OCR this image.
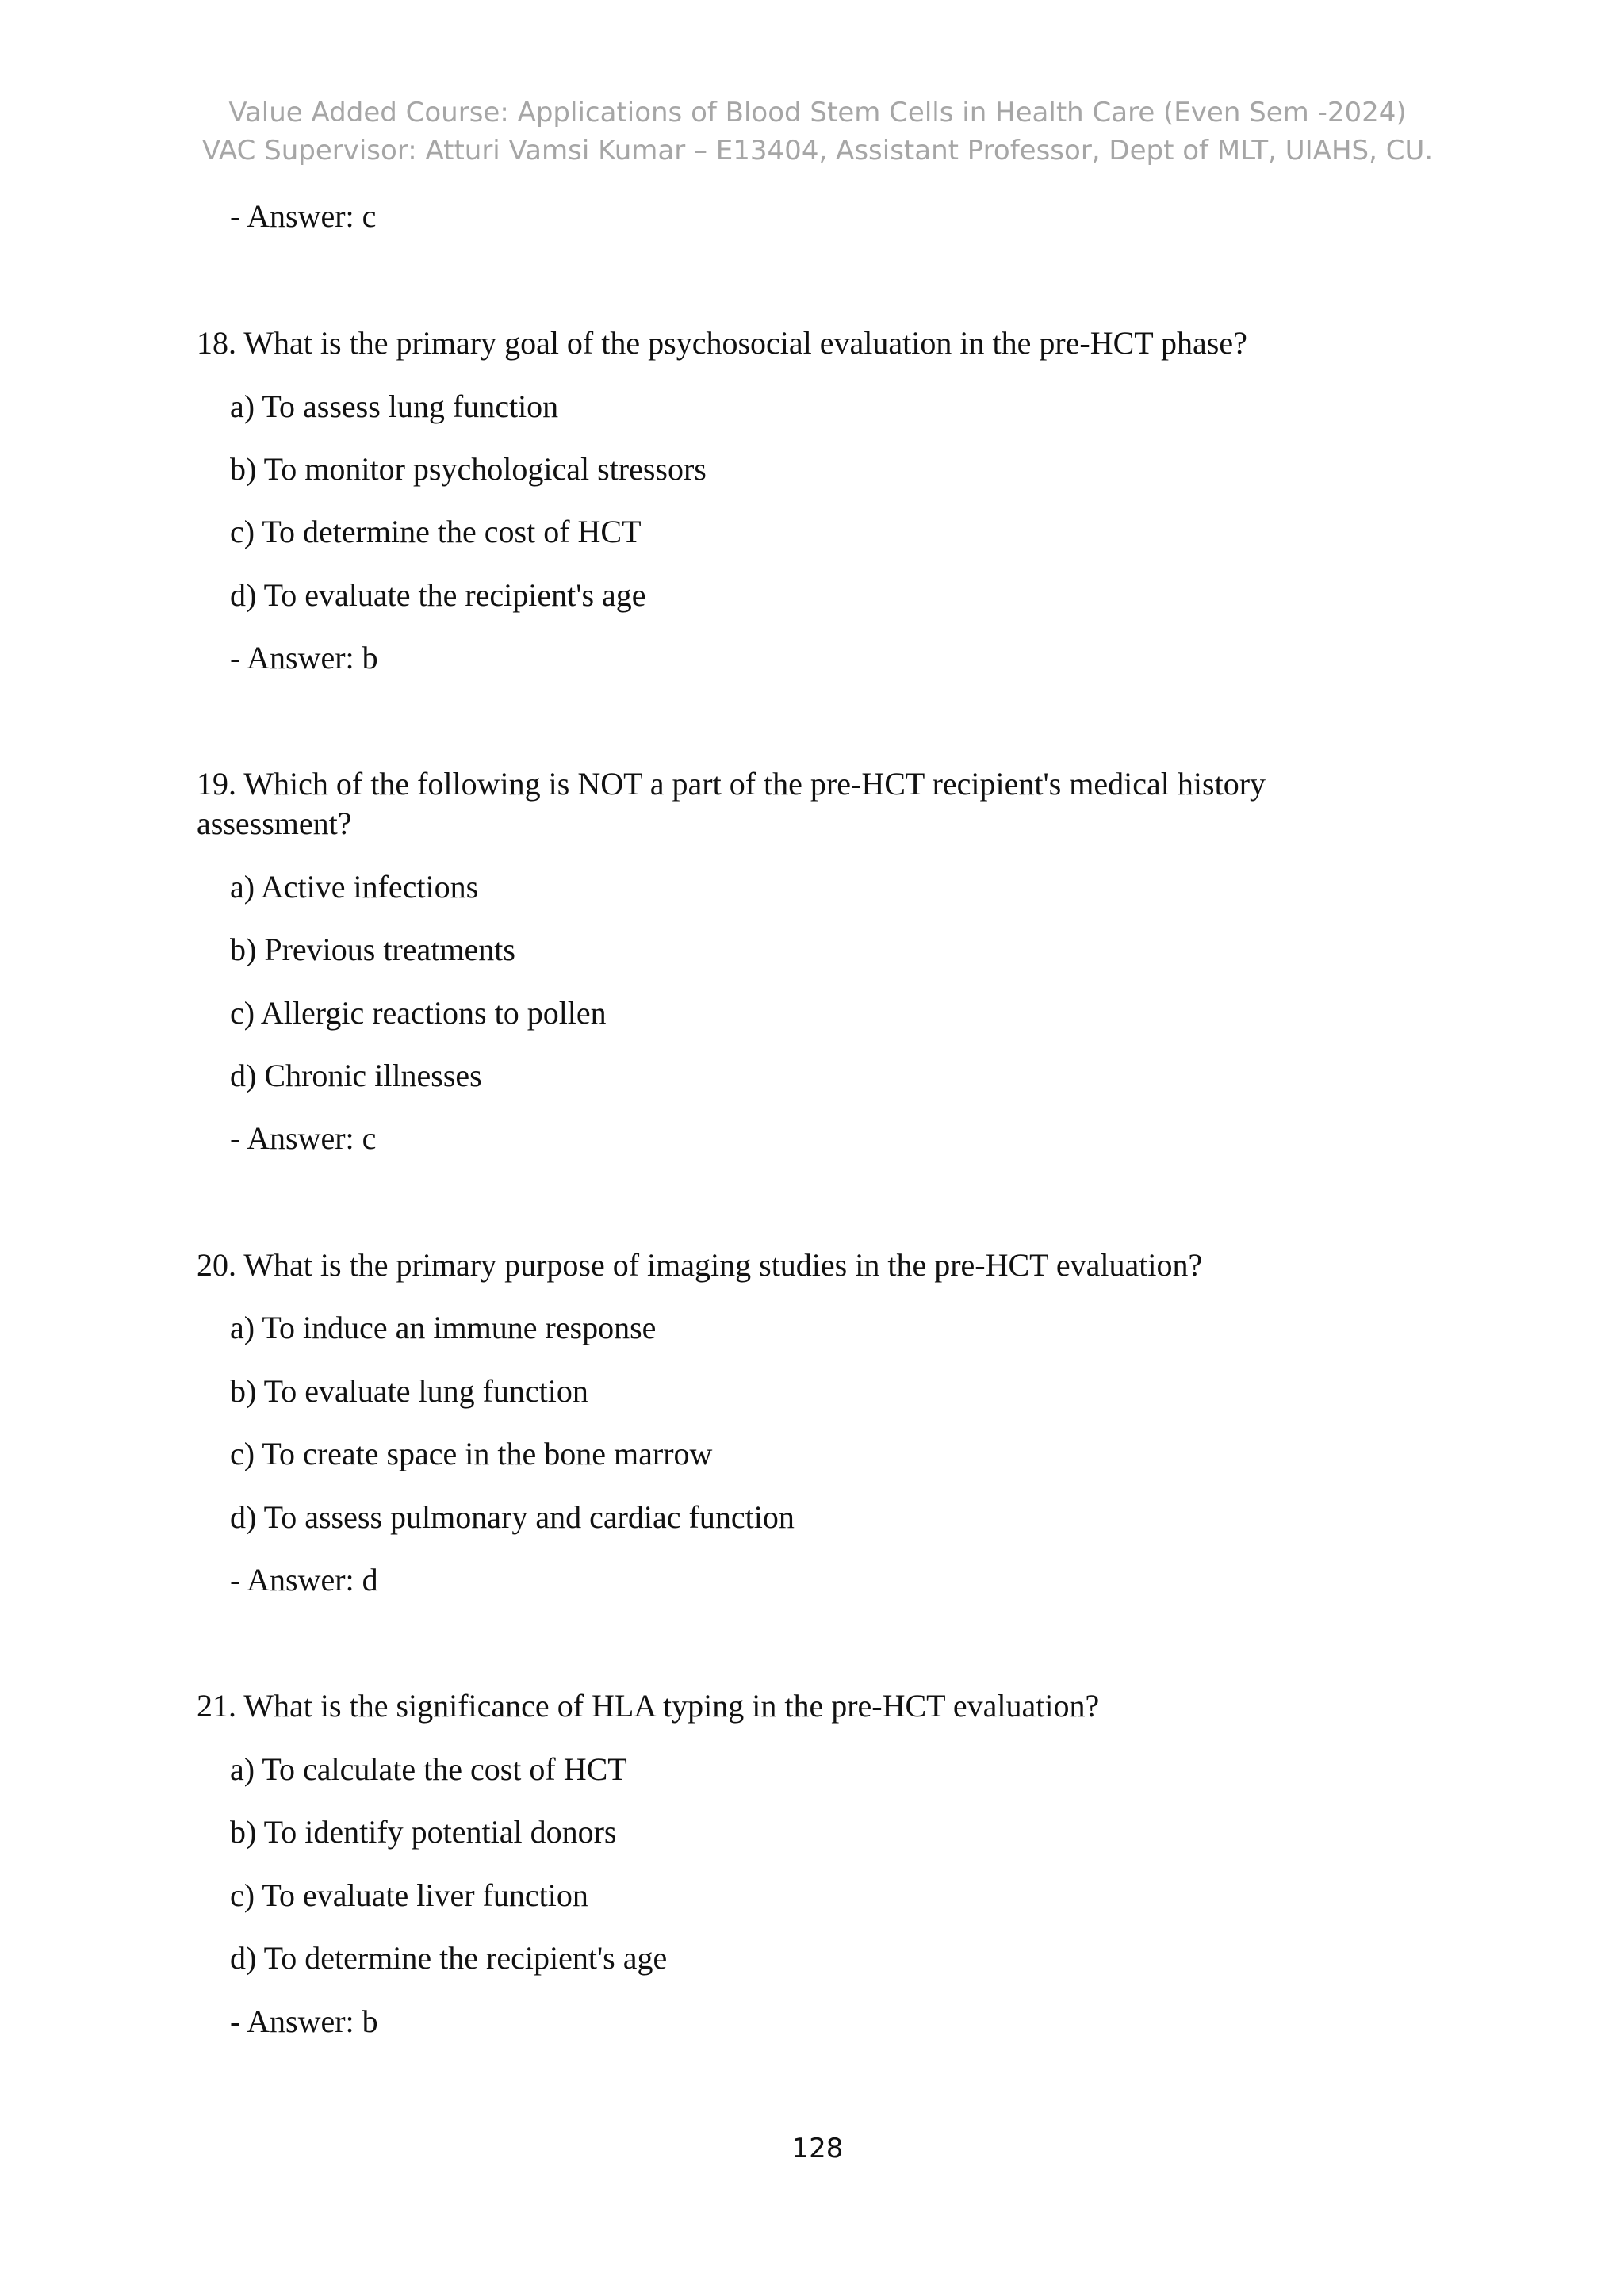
Value Added Course: Applications of Blood Stem Cells in Health Care (Even Sem -2024)
VAC Supervisor: Atturi Vamsi Kumar – E13404, Assistant Professor, Dept of MLT, UIAHS, CU.
- Answer: c
18. What is the primary goal of the psychosocial evaluation in the pre-HCT phase?
a) To assess lung function
b) To monitor psychological stressors
c) To determine the cost of HCT
d) To evaluate the recipient's age
- Answer: b
19. Which of the following is NOT a part of the pre-HCT recipient's medical history
assessment?
a) Active infections
b) Previous treatments
c) Allergic reactions to pollen
d) Chronic illnesses
- Answer: c
20. What is the primary purpose of imaging studies in the pre-HCT evaluation?
a) To induce an immune response
b) To evaluate lung function
c) To create space in the bone marrow
d) To assess pulmonary and cardiac function
- Answer: d
21. What is the significance of HLA typing in the pre-HCT evaluation?
a) To calculate the cost of HCT
b) To identify potential donors
c) To evaluate liver function
d) To determine the recipient's age
- Answer: b
128
